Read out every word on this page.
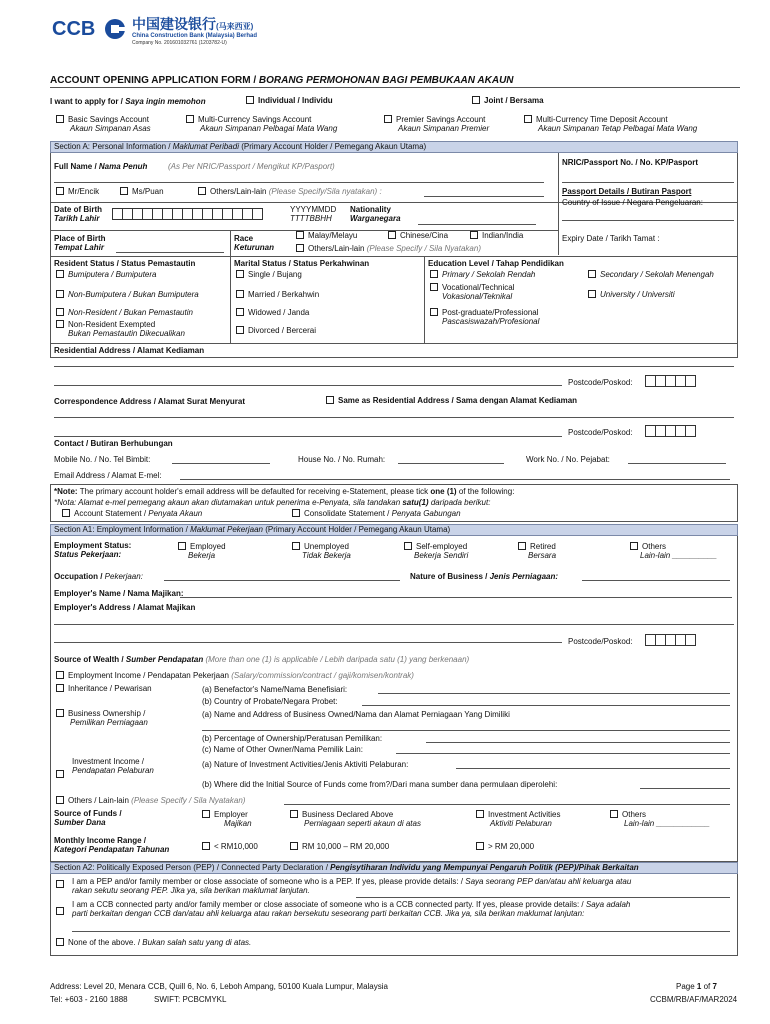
CCB	中国建设银行(马来西亚)
China Construction Bank (Malaysia) Berhad
Company No. 201601032761 (1203782-U)
ACCOUNT OPENING APPLICATION FORM / BORANG PERMOHONAN BAGI PEMBUKAAN AKAUN
I want to apply for / Saya ingin memohon	Individual / Individu	Joint / Bersama
Basic Savings Account
Akaun Simpanan Asas
Multi-Currency Savings Account
Akaun Simpanan Pelbagai Mata Wang
Premier Savings Account
Akaun Simpanan Premier
Multi-Currency Time Deposit Account
Akaun Simpanan Tetap Pelbagai Mata Wang
Section A: Personal Information / Maklumat Peribadi (Primary Account Holder / Pemegang Akaun Utama)
Full Name / Nama Penuh	(As Per NRIC/Passport / Mengikut KP/Pasport)	NRIC/Passport No. / No. KP/Pasport
Mr/Encik	Ms/Puan	Others/Lain-lain (Please Specify/Sila nyatakan) :	Passport Details / Butiran Pasport
Country of Issue / Negara Pengeluaran:
Date of Birth
Tarikh Lahir
YYYYMMDD
TTTTBBHH
Nationality
Warganegara
Expiry Date / Tarikh Tamat :
Place of Birth
Tempat Lahir
Race
Keturunan
Malay/Melayu	Chinese/Cina	Indian/India
Others/Lain-lain (Please Specify / Sila Nyatakan)
Resident Status / Status Pemastautin
Bumiputera / Bumiputera
Non-Bumiputera / Bukan Bumiputera
Non-Resident / Bukan Pemastautin
Non-Resident Exempted
Bukan Pemastautin Dikecualikan
Marital Status / Status Perkahwinan
Single / Bujang
Married / Berkahwin
Widowed / Janda
Divorced / Bercerai
Education Level / Tahap Pendidikan
Primary / Sekolah Rendah	Secondary / Sekolah Menengah
Vocational/Technical
Vokasional/Teknikal	University / Universiti
Post-graduate/Professional
Pascasiswazah/Profesional
Residential Address / Alamat Kediaman
Postcode/Poskod:
Correspondence Address / Alamat Surat Menyurat	Same as Residential Address / Sama dengan Alamat Kediaman
Postcode/Poskod:
Contact / Butiran Berhubungan
Mobile No. / No. Tel Bimbit:	House No. / No. Rumah:	Work No. / No. Pejabat:
Email Address / Alamat E-mel:
*Note: The primary account holder's email address will be defaulted for receiving e-Statement, please tick one (1) of the following:
*Nota: Alamat e-mel pemegang akaun akan diutamakan untuk penerima e-Penyata, sila tandakan satu(1) daripada berikut:
Account Statement / Penyata Akaun	Consolidate Statement / Penyata Gabungan
Section A1: Employment Information / Maklumat Pekerjaan (Primary Account Holder / Pemegang Akaun Utama)
Employment Status:
Status Pekerjaan:
Employed
Bekerja
Unemployed
Tidak Bekerja
Self-employed
Bekerja Sendiri
Retired
Bersara
Others
Lain-lain __________
Occupation / Pekerjaan:	Nature of Business / Jenis Perniagaan:
Employer's Name / Nama Majikan:
Employer's Address / Alamat Majikan
Postcode/Poskod:
Source of Wealth / Sumber Pendapatan (More than one (1) is applicable / Lebih daripada satu (1) yang berkenaan)
Employment Income / Pendapatan Pekerjaan (Salary/commission/contract / gaji/komisen/kontrak)
Inheritance / Pewarisan	(a) Benefactor's Name/Nama Benefisiari:
(b) Country of Probate/Negara Probet:
Business Ownership /
Pemilikan Perniagaan
(a) Name and Address of Business Owned/Nama dan Alamat Perniagaan Yang Dimiliki
(b) Percentage of Ownership/Peratusan Pemilikan:
(c) Name of Other Owner/Nama Pemilik Lain:
Investment Income /
Pendapatan Pelaburan
(a) Nature of Investment Activities/Jenis Aktiviti Pelaburan:
(b) Where did the Initial Source of Funds come from?/Dari mana sumber dana permulaan diperolehi:
Others / Lain-lain (Please Specify / Sila Nyatakan)
Source of Funds /
Sumber Dana
Employer
Majikan
Business Declared Above
Perniagaan seperti akaun di atas
Investment Activities
Aktiviti Pelaburan
Others
Lain-lain ____________
Monthly Income Range /
Kategori Pendapatan Tahunan	< RM10,000	RM 10,000 – RM 20,000	> RM 20,000
Section A2: Politically Exposed Person (PEP) / Connected Party Declaration / Pengisytiharan Individu yang Mempunyai Pengaruh Politik (PEP)/Pihak Berkaitan
I am a PEP and/or family member or close associate of someone who is a PEP. If yes, please provide details: / Saya seorang PEP dan/atau ahli keluarga atau
rakan sekutu seorang PEP. Jika ya, sila berikan maklumat lanjutan.
I am a CCB connected party and/or family member or close associate of someone who is a CCB connected party. If yes, please provide details: / Saya adalah
parti berkaitan dengan CCB dan/atau ahli keluarga atau rakan bersekutu seseorang parti berkaitan CCB. Jika ya, sila berikan maklumat lanjutan:
None of the above. / Bukan salah satu yang di atas.
Address: Level 20, Menara CCB, Quill 6, No. 6, Leboh Ampang, 50100 Kuala Lumpur, Malaysia
Tel: +603 - 2160 1888	SWIFT: PCBCMYKL
Page 1 of 7
CCBM/RB/AF/MAR2024
